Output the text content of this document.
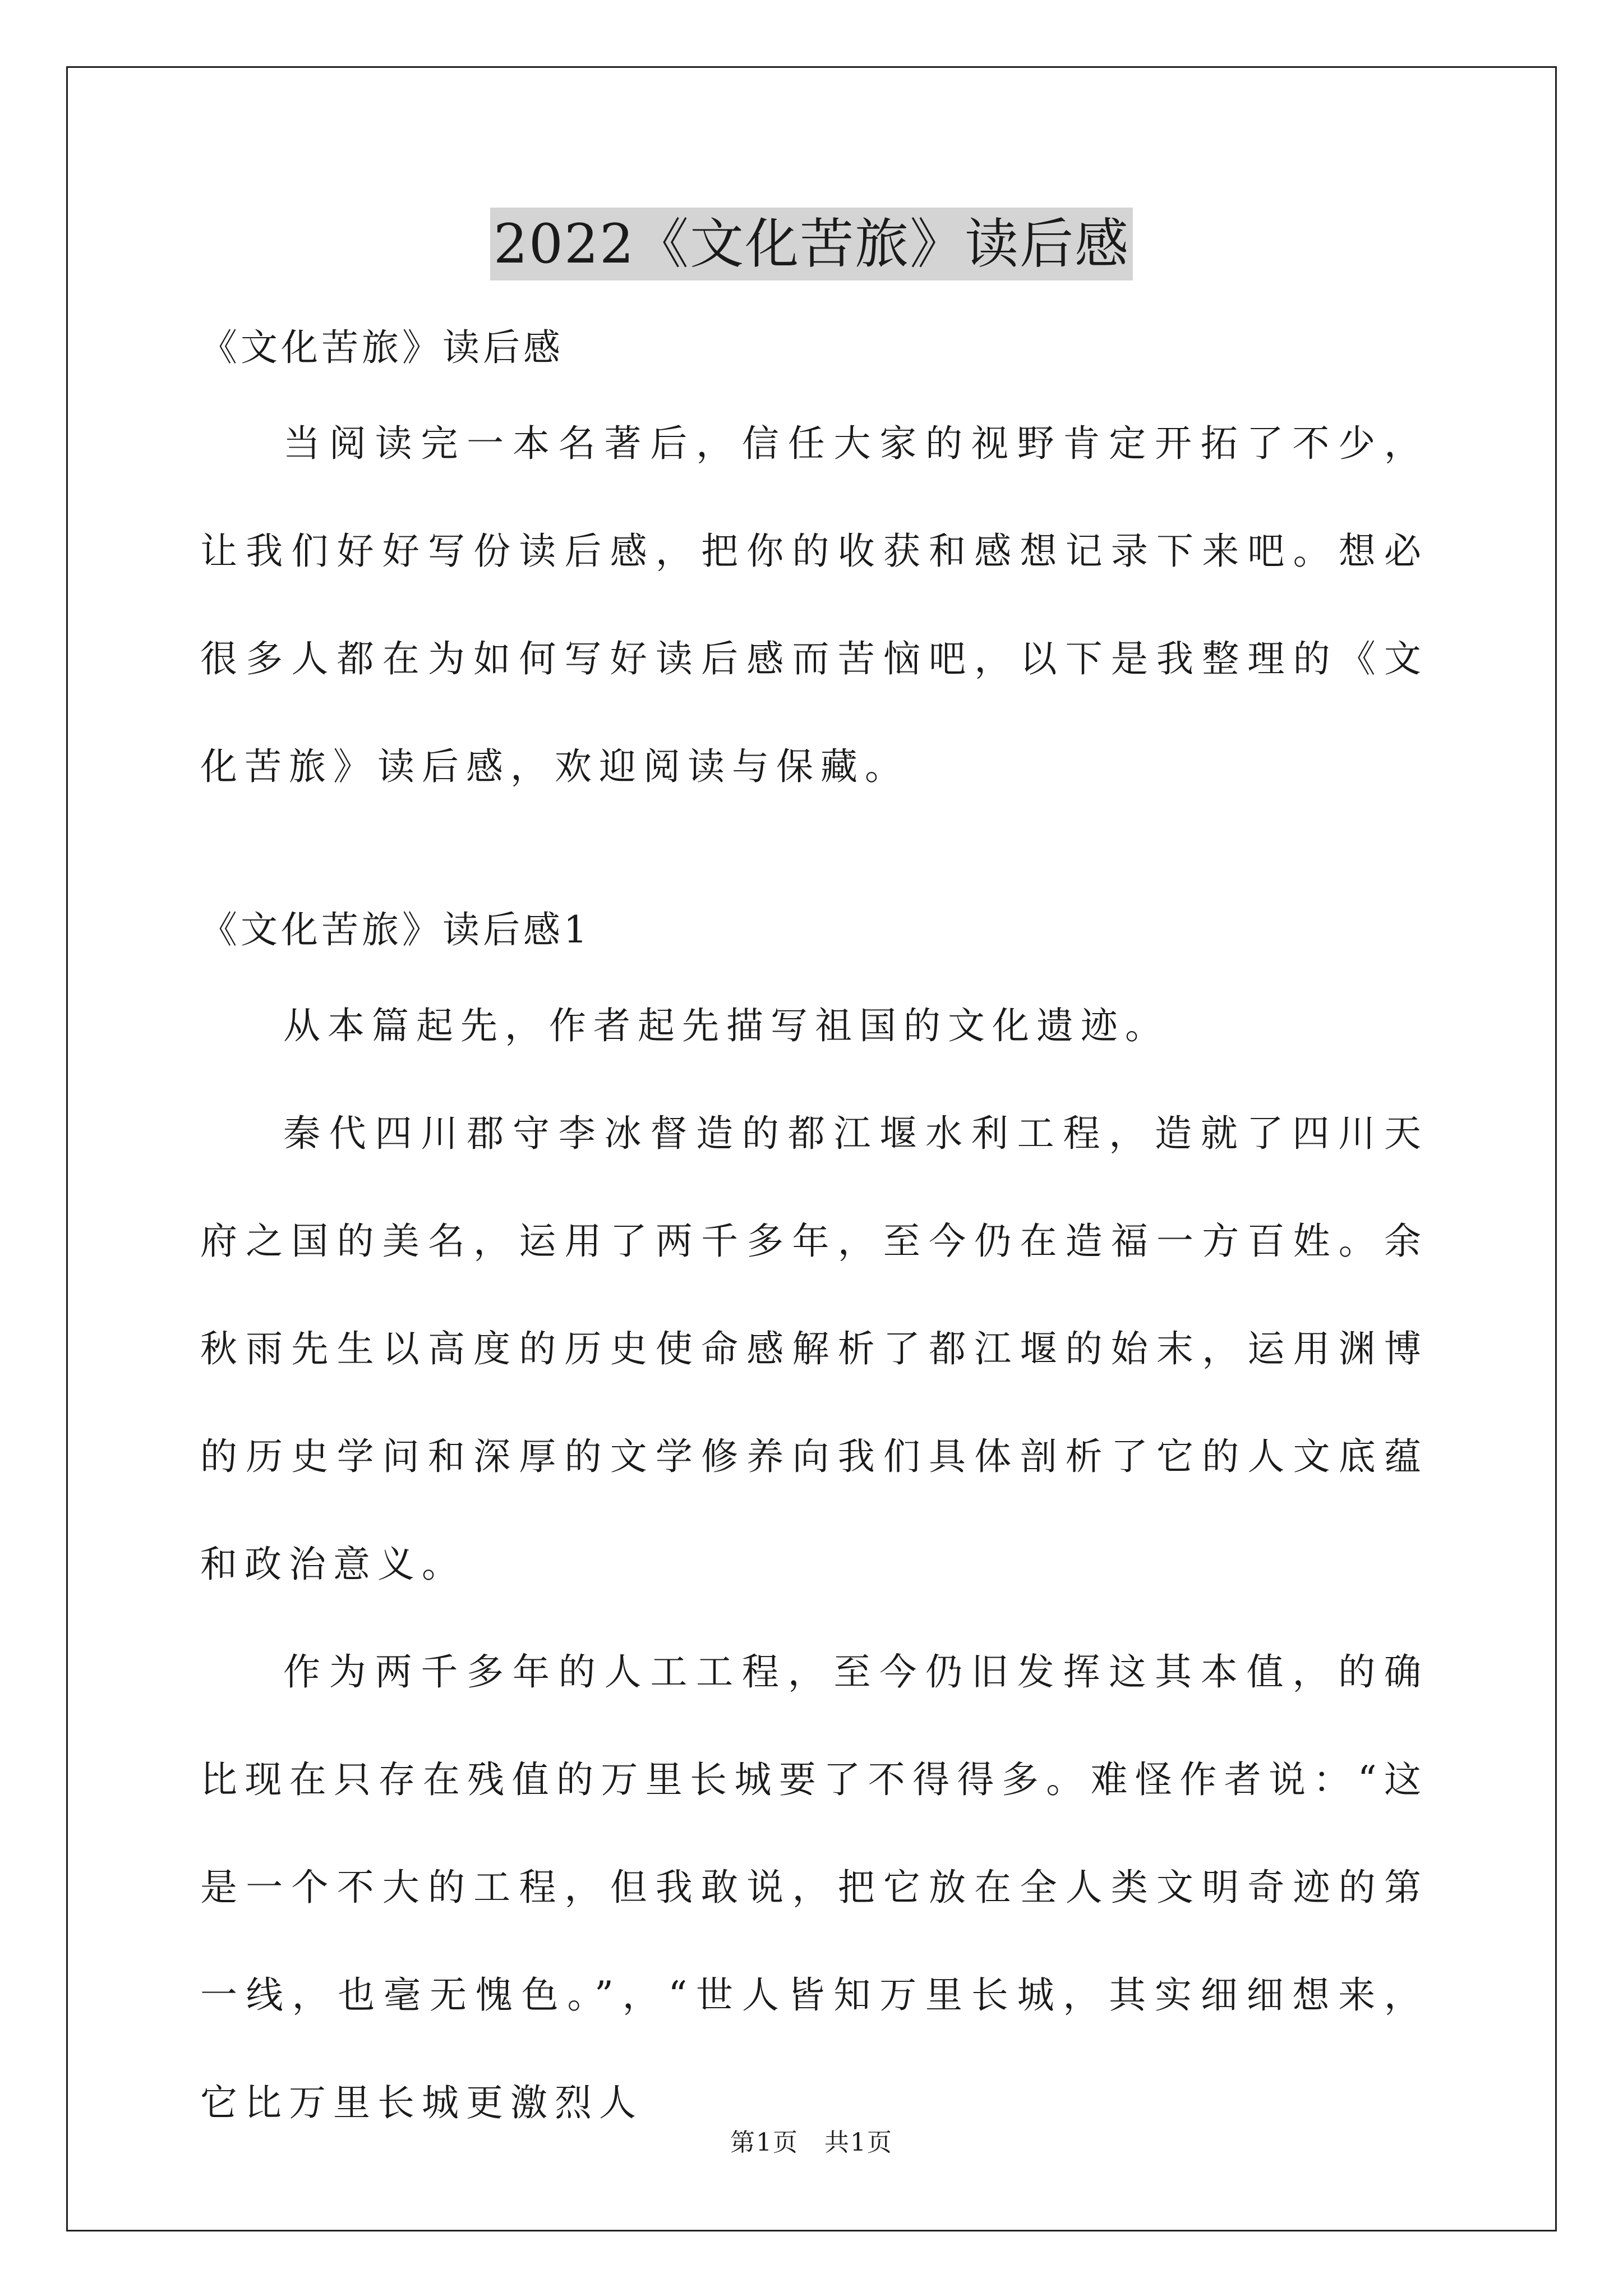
2022《文化苦旅》读后感

《文化苦旅》读后感

当阅读完一本名著后，信任大家的视野肯定开拓了不少，让我们好好写份读后感，把你的收获和感想记录下来吧。想必很多人都在为如何写好读后感而苦恼吧，以下是我整理的《文化苦旅》读后感，欢迎阅读与保藏。

《文化苦旅》读后感1

从本篇起先，作者起先描写祖国的文化遗迹。

秦代四川郡守李冰督造的都江堰水利工程，造就了四川天府之国的美名，运用了两千多年，至今仍在造福一方百姓。余秋雨先生以高度的历史使命感解析了都江堰的始末，运用渊博的历史学问和深厚的文学修养向我们具体剖析了它的人文底蕴和政治意义。

作为两千多年的人工工程，至今仍旧发挥这其本值，的确比现在只存在残值的万里长城要了不得得多。难怪作者说：“这是一个不大的工程，但我敢说，把它放在全人类文明奇迹的第一线，也毫无愧色。”，“世人皆知万里长城，其实细细想来，它比万里长城更激烈人

第1页　共1页
